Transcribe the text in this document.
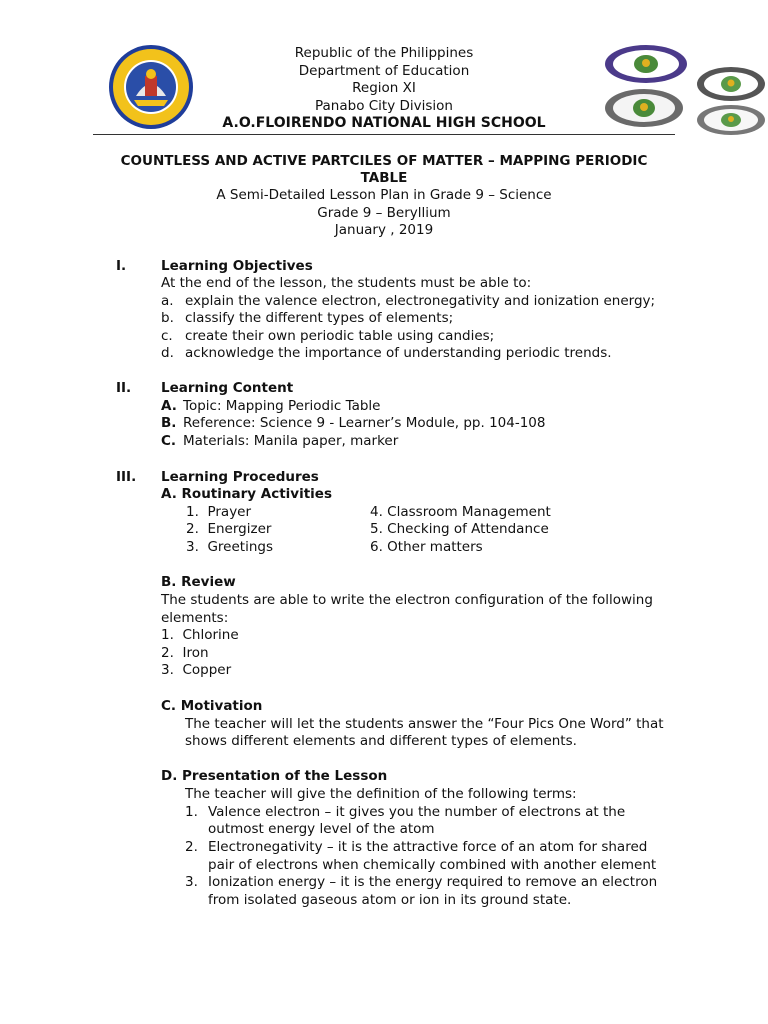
Republic of the Philippines
Department of Education
Region XI
Panabo City Division
A.O.FLOIRENDO NATIONAL HIGH SCHOOL
COUNTLESS AND ACTIVE PARTCILES OF MATTER – MAPPING PERIODIC
TABLE
A Semi-Detailed Lesson Plan in Grade 9 – Science
Grade 9 – Beryllium
January , 2019
I.	Learning Objectives
At the end of the lesson, the students must be able to:
a. explain the valence electron, electronegativity and ionization energy;
b. classify the different types of elements;
c. create their own periodic table using candies;
d. acknowledge the importance of understanding periodic trends.
II. Learning Content
A. Topic: Mapping Periodic Table
B. Reference: Science 9 - Learner’s Module, pp. 104-108
C. Materials: Manila paper, marker
III. Learning Procedures
A. Routinary Activities
1.  Prayer
2.  Energizer
3.  Greetings
4. Classroom Management
5. Checking of Attendance
6. Other matters
B. Review
The students are able to write the electron configuration of the following
elements:
1.  Chlorine
2.  Iron
3.  Copper
C. Motivation
The teacher will let the students answer the “Four Pics One Word” that
shows different elements and different types of elements.
D. Presentation of the Lesson
The teacher will give the definition of the following terms:
1. Valence electron – it gives you the number of electrons at the
outmost energy level of the atom
2. Electronegativity – it is the attractive force of an atom for shared
pair of electrons when chemically combined with another element
3. Ionization energy – it is the energy required to remove an electron
from isolated gaseous atom or ion in its ground state.
